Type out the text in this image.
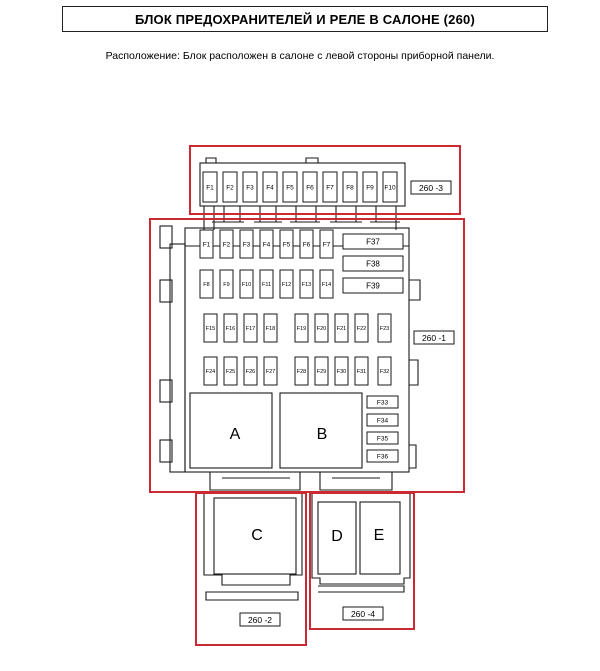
БЛОК ПРЕДОХРАНИТЕЛЕЙ И РЕЛЕ В САЛОНЕ (260)
Расположение: Блок расположен в салоне с левой стороны приборной панели.
260 -3
260 -1
260 -2
260 -4
A	B
C	D E
F1 F2 F3 F4 F5 F6 F7 F8 F9 F10
F1 F2 F3 F4 F5 F6 F7
F8 F9 F10 F11 F12 F13 F14
F15 F16 F17 F18	F19 F20 F21 F22 F23
F24 F25 F26 F27	F28 F29 F30 F31 F32
F37
F38
F39
F33
F34
F35
F36
